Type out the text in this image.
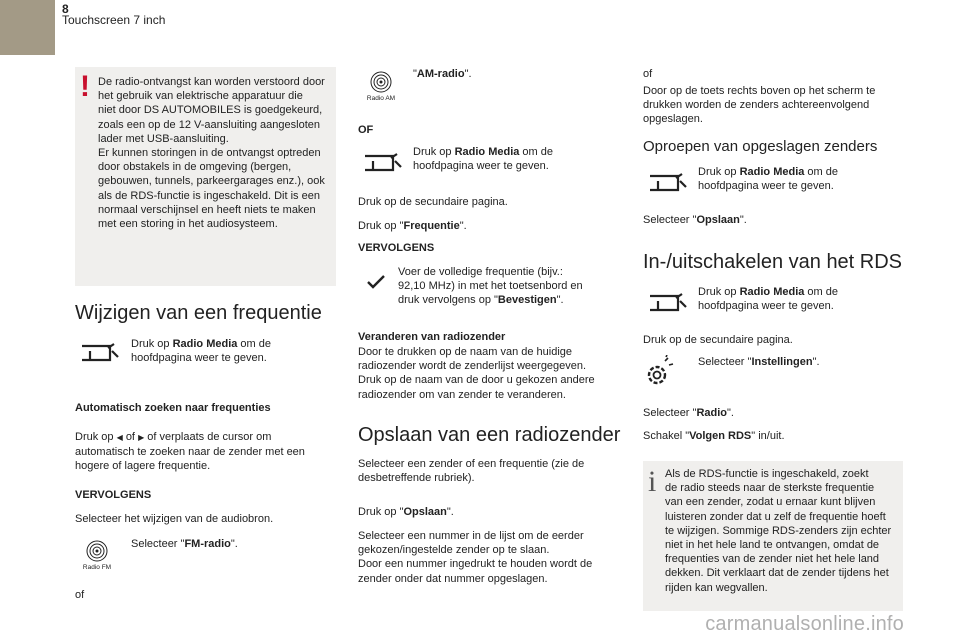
8
Touchscreen 7 inch
! De radio-ontvangst kan worden verstoord door
het gebruik van elektrische apparatuur die
niet door DS AUTOMOBILES is goedgekeurd,
zoals een op de 12 V-aansluiting aangesloten
lader met USB-aansluiting.
Er kunnen storingen in de ontvangst optreden
door obstakels in de omgeving (bergen,
gebouwen, tunnels, parkeergarages enz.), ook
als de RDS-functie is ingeschakeld. Dit is een
normaal verschijnsel en heeft niets te maken
met een storing in het audiosysteem.
Wijzigen van een frequentie
Druk op Radio Media om de
hoofdpagina weer te geven.
Automatisch zoeken naar frequenties
Druk op ◀ of ▶ of verplaats de cursor om
automatisch te zoeken naar de zender met een
hogere of lagere frequentie.
VERVOLGENS
Selecteer het wijzigen van de audiobron.
Radio FM
Selecteer "FM-radio".
of
Radio AM
"AM-radio".
OF
Druk op Radio Media om de
hoofdpagina weer te geven.
Druk op de secundaire pagina.
Druk op "Frequentie".
VERVOLGENS
Voer de volledige frequentie (bijv.:
92,10 MHz) in met het toetsenbord en
druk vervolgens op "Bevestigen".
Veranderen van radiozender
Door te drukken op de naam van de huidige
radiozender wordt de zenderlijst weergegeven.
Druk op de naam van de door u gekozen andere
radiozender om van zender te veranderen.
Opslaan van een radiozender
Selecteer een zender of een frequentie (zie de
desbetreffende rubriek).
Druk op "Opslaan".
Selecteer een nummer in de lijst om de eerder
gekozen/ingestelde zender op te slaan.
Door een nummer ingedrukt te houden wordt de
zender onder dat nummer opgeslagen.
of
Door op de toets rechts boven op het scherm te
drukken worden de zenders achtereenvolgend
opgeslagen.
Oproepen van opgeslagen zenders
Druk op Radio Media om de
hoofdpagina weer te geven.
Selecteer "Opslaan".
In-/uitschakelen van het RDS
Druk op Radio Media om de
hoofdpagina weer te geven.
Druk op de secundaire pagina.
Selecteer "Instellingen".
Selecteer "Radio".
Schakel "Volgen RDS" in/uit.
i Als de RDS-functie is ingeschakeld, zoekt
de radio steeds naar de sterkste frequentie
van een zender, zodat u ernaar kunt blijven
luisteren zonder dat u zelf de frequentie hoeft
te wijzigen. Sommige RDS-zenders zijn echter
niet in het hele land te ontvangen, omdat de
frequenties van de zender niet het hele land
dekken. Dit verklaart dat de zender tijdens het
rijden kan wegvallen.
carmanualsonline.info
